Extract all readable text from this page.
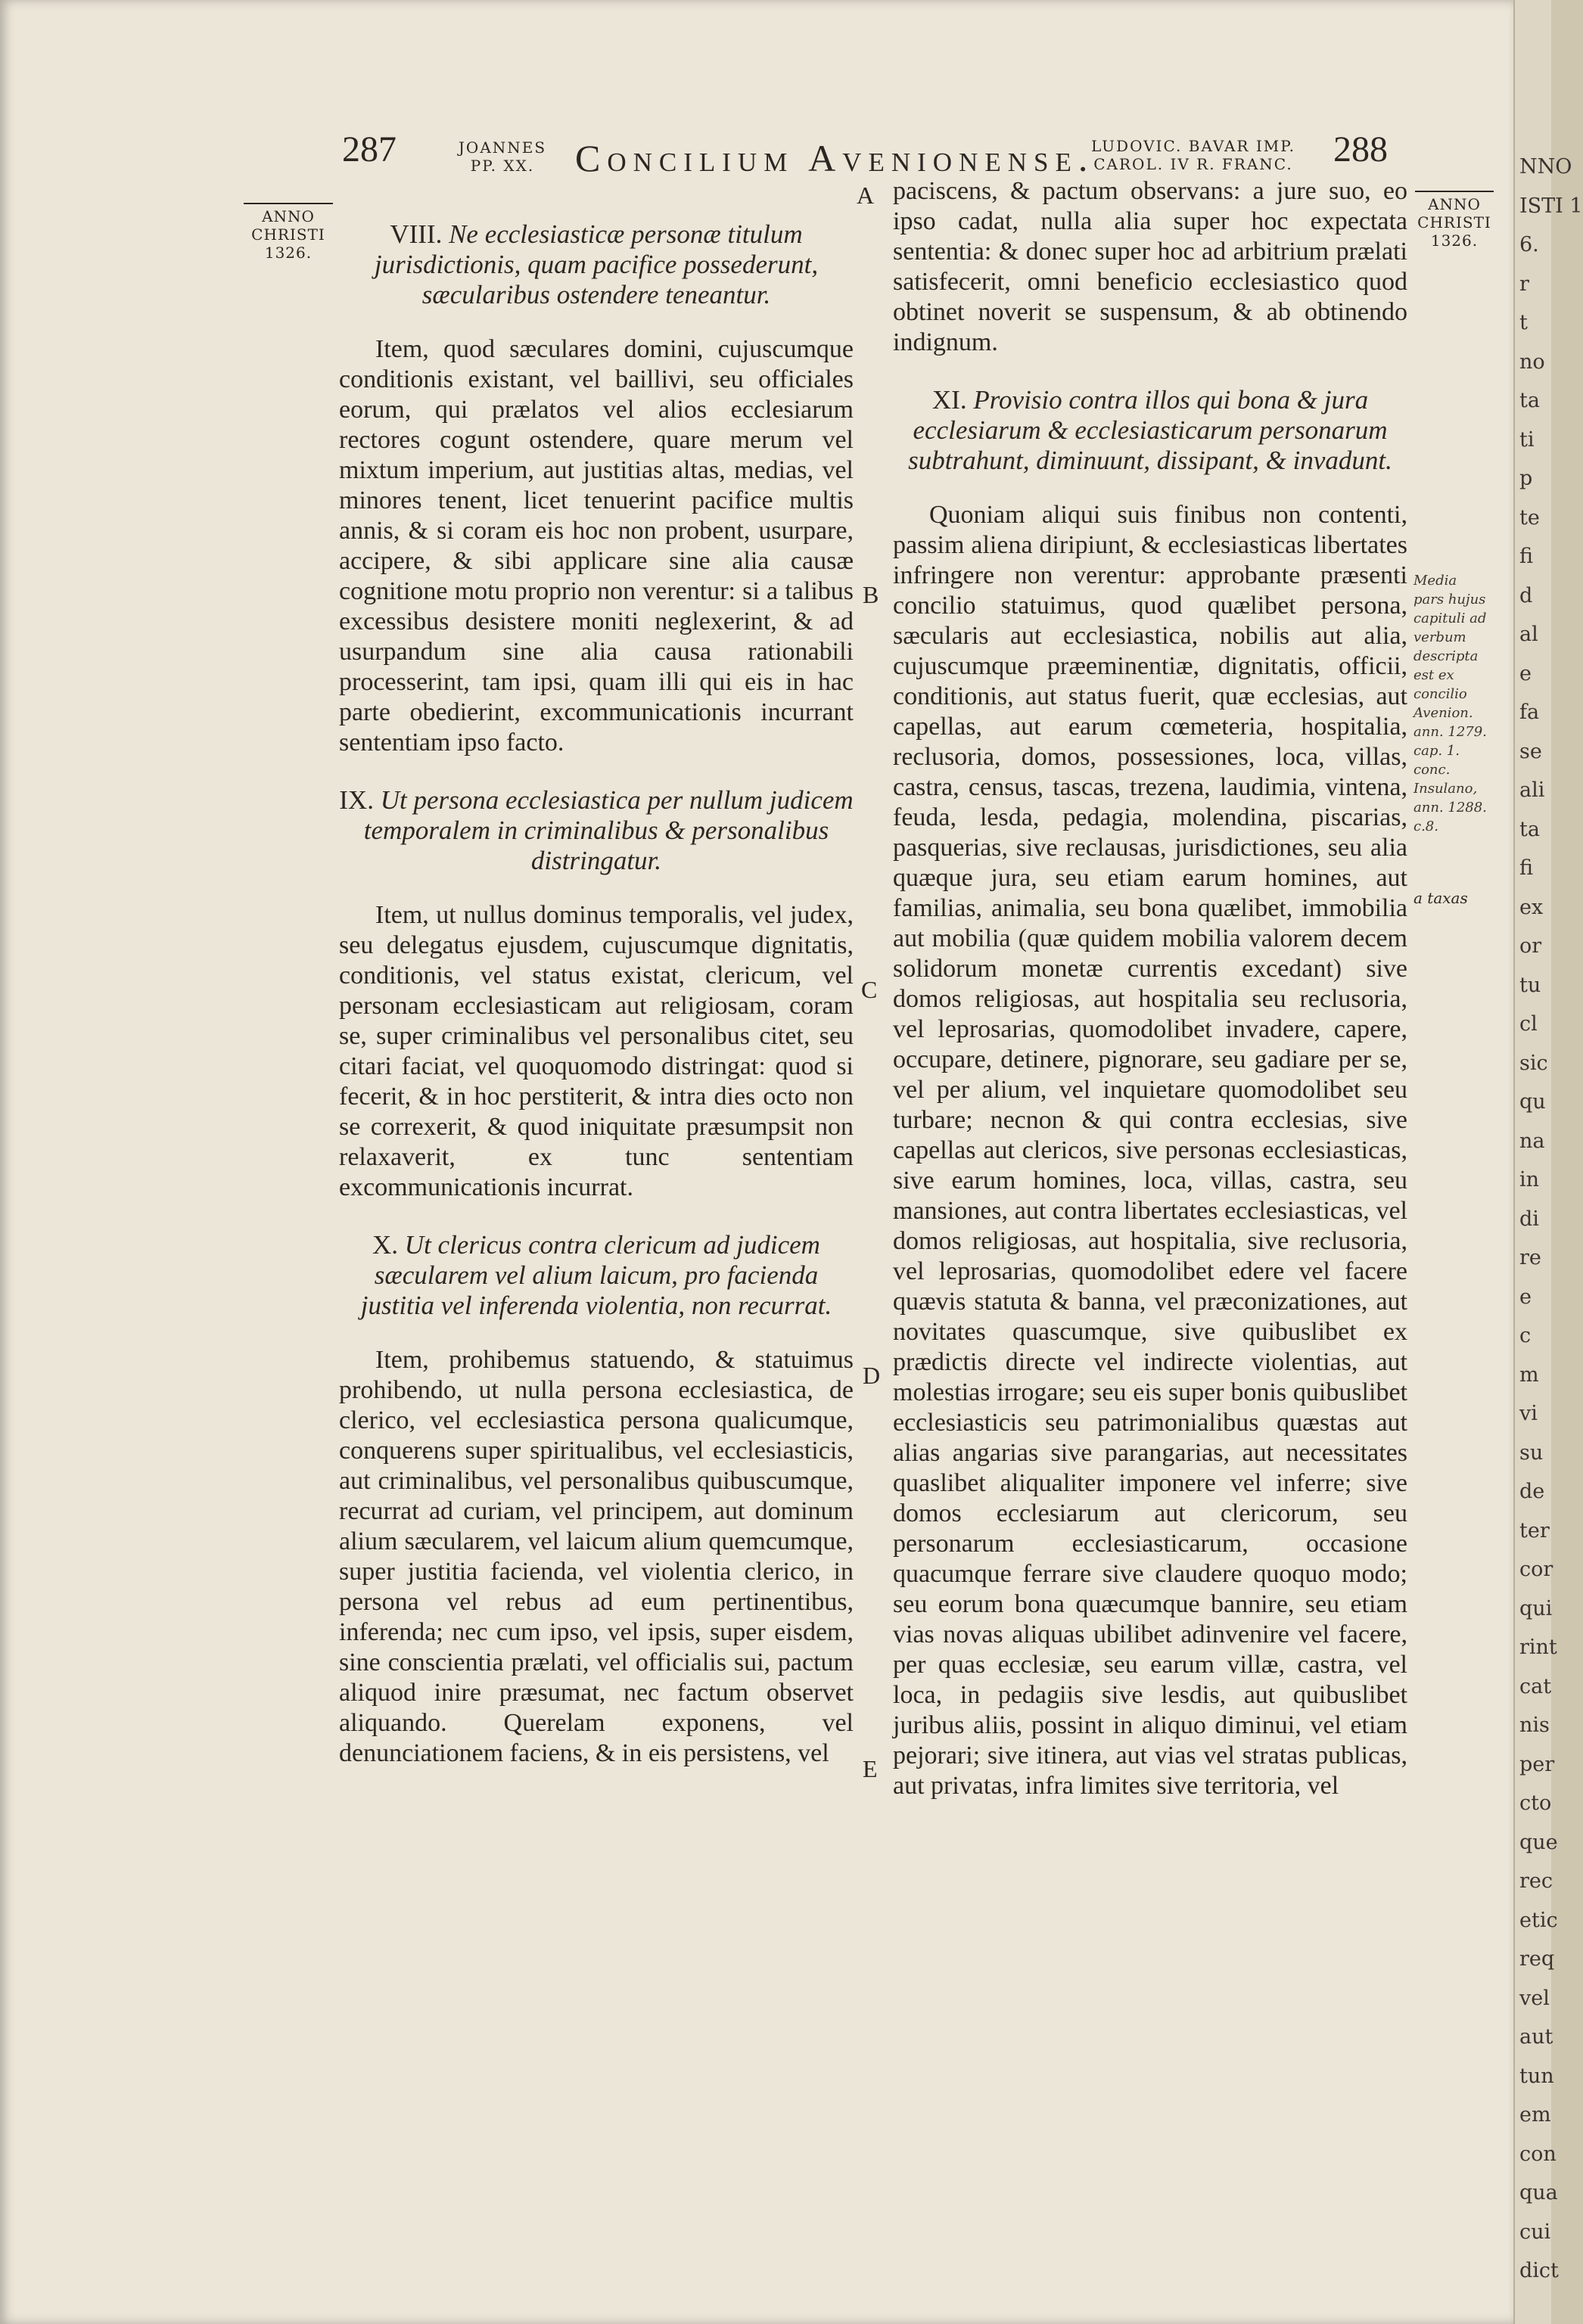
287	JOANNES PP. XX.	Concilium Avenionense.
LUDOVIC. BAVAR IMP. CAROL. IV R. FRANC. 288
ANNO CHRISTI 1326.
ANNO CHRISTI 1326.
Media pars hujus capituli ad verbum descripta est ex concilio Avenion. ann. 1279. cap. 1. conc. Insulano, ann. 1288. c.8.
a taxas
A
B
C
D
E
VIII. Ne ecclesiasticæ personæ titulum jurisdictionis, quam pacifice possederunt, sæcularibus ostendere teneantur.

Item, quod sæculares domini, cujuscumque conditionis existant, vel baillivi, seu officiales eorum, qui prælatos vel alios ecclesiarum rectores cogunt ostendere, quare merum vel mixtum imperium, aut justitias altas, medias, vel minores tenent, licet tenuerint pacifice multis annis, & si coram eis hoc non probent, usurpare, accipere, & sibi applicare sine alia causæ cognitione motu proprio non verentur: si a talibus excessibus desistere moniti neglexerint, & ad usurpandum sine alia causa rationabili processerint, tam ipsi, quam illi qui eis in hac parte obedierint, excommunicationis incurrant sententiam ipso facto.

IX. Ut persona ecclesiastica per nullum judicem temporalem in criminalibus & personalibus distringatur.

Item, ut nullus dominus temporalis, vel judex, seu delegatus ejusdem, cujuscumque dignitatis, conditionis, vel status existat, clericum, vel personam ecclesiasticam aut religiosam, coram se, super criminalibus vel personalibus citet, seu citari faciat, vel quoquomodo distringat: quod si fecerit, & in hoc perstiterit, & intra dies octo non se correxerit, & quod iniquitate præsumpsit non relaxaverit, ex tunc sententiam excommunicationis incurrat.

X. Ut clericus contra clericum ad judicem sæcularem vel alium laicum, pro facienda justitia vel inferenda violentia, non recurrat.

Item, prohibemus statuendo, & statuimus prohibendo, ut nulla persona ecclesiastica, de clerico, vel ecclesiastica persona qualicumque, conquerens super spiritualibus, vel ecclesiasticis, aut criminalibus, vel personalibus quibuscumque, recurrat ad curiam, vel principem, aut dominum alium sæcularem, vel laicum alium quemcumque, super justitia facienda, vel violentia clerico, in persona vel rebus ad eum pertinentibus, inferenda; nec cum ipso, vel ipsis, super eisdem, sine conscientia prælati, vel officialis sui, pactum aliquod inire præsumat, nec factum observet aliquando. Querelam exponens, vel denunciationem faciens, & in eis persistens, vel

paciscens, & pactum observans: a jure suo, eo ipso cadat, nulla alia super hoc expectata sententia: & donec super hoc ad arbitrium prælati satisfecerit, omni beneficio ecclesiastico quod obtinet noverit se suspensum, & ab obtinendo indignum.

XI. Provisio contra illos qui bona & jura ecclesiarum & ecclesiasticarum personarum subtrahunt, diminuunt, dissipant, & invadunt.

Quoniam aliqui suis finibus non contenti, passim aliena diripiunt, & ecclesiasticas libertates infringere non verentur: approbante præsenti concilio statuimus, quod quælibet persona, sæcularis aut ecclesiastica, nobilis aut alia, cujuscumque præeminentiæ, dignitatis, officii, conditionis, aut status fuerit, quæ ecclesias, aut capellas, aut earum cœmeteria, hospitalia, reclusoria, domos, possessiones, loca, villas, castra, census, tascas, trezena, laudimia, vintena, feuda, lesda, pedagia, molendina, piscarias, pasquerias, sive reclausas, jurisdictiones, seu alia quæque jura, seu etiam earum homines, aut familias, animalia, seu bona quælibet, immobilia aut mobilia (quæ quidem mobilia valorem decem solidorum monetæ currentis excedant) sive domos religiosas, aut hospitalia seu reclusoria, vel leprosarias, quomodolibet invadere, capere, occupare, detinere, pignorare, seu gadiare per se, vel per alium, vel inquietare quomodolibet seu turbare; necnon & qui contra ecclesias, sive capellas aut clericos, sive personas ecclesiasticas, sive earum homines, loca, villas, castra, seu mansiones, aut contra libertates ecclesiasticas, vel domos religiosas, aut hospitalia, sive reclusoria, vel leprosarias, quomodolibet edere vel facere quævis statuta & banna, vel præconizationes, aut novitates quascumque, sive quibuslibet ex prædictis directe vel indirecte violentias, aut molestias irrogare; seu eis super bonis quibuslibet ecclesiasticis seu patrimonialibus quæstas aut alias angarias sive parangarias, aut necessitates quaslibet aliqualiter imponere vel inferre; sive domos ecclesiarum aut clericorum, seu personarum ecclesiasticarum, occasione quacumque ferrare sive claudere quoquo modo; seu eorum bona quæcumque bannire, seu etiam vias novas aliquas ubilibet adinvenire vel facere, per quas ecclesiæ, seu earum villæ, castra, vel loca, in pedagiis sive lesdis, aut quibuslibet juribus aliis, possint in aliquo diminui, vel etiam pejorari; sive itinera, aut vias vel stratas publicas, aut privatas, infra limites sive territoria, vel

NNO
ISTI 1
6.
r
t
no
ta
ti
p
te
fi
d
al
e
fa
se
ali
ta
fi
ex
or
tu
cl
sic
qu
na
in
di
re
e
c
m
vi
su
de
ter
cor
qui
rint
cat
nis
per
cto
que
rec
etic
req
vel
aut
tun
em
con
qua
cui
dict
